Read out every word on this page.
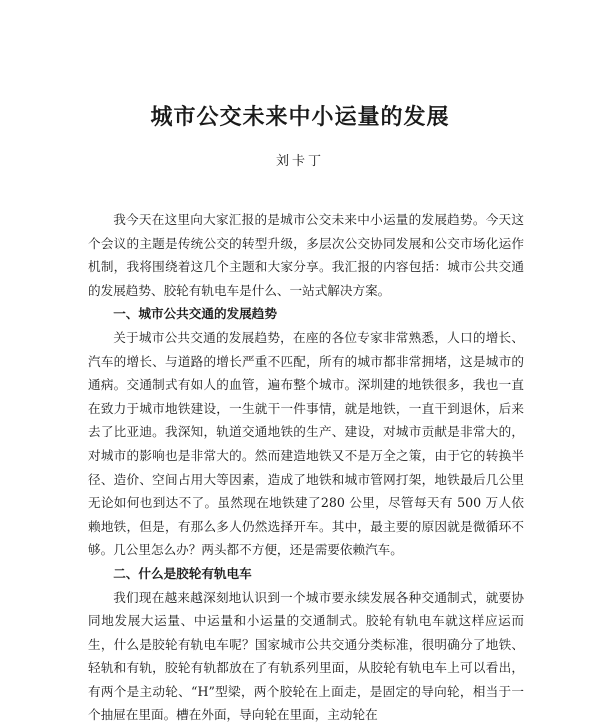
城市公交未来中小运量的发展
刘卡丁

我今天在这里向大家汇报的是城市公交未来中小运量的发展趋势。今天这个会议的主题是传统公交的转型升级，多层次公交协同发展和公交市场化运作机制，我将围绕着这几个主题和大家分享。我汇报的内容包括：城市公共交通的发展趋势、胶轮有轨电车是什么、一站式解决方案。

一、城市公共交通的发展趋势

关于城市公共交通的发展趋势，在座的各位专家非常熟悉，人口的增长、汽车的增长、与道路的增长严重不匹配，所有的城市都非常拥堵，这是城市的通病。交通制式有如人的血管，遍布整个城市。深圳建的地铁很多，我也一直在致力于城市地铁建设，一生就干一件事情，就是地铁，一直干到退休，后来去了比亚迪。我深知，轨道交通地铁的生产、建设，对城市贡献是非常大的，对城市的影响也是非常大的。然而建造地铁又不是万全之策，由于它的转换半径、造价、空间占用大等因素，造成了地铁和城市管网打架，地铁最后几公里无论如何也到达不了。虽然现在地铁建了280 公里，尽管每天有 500 万人依赖地铁，但是，有那么多人仍然选择开车。其中，最主要的原因就是微循环不够。几公里怎么办？两头都不方便，还是需要依赖汽车。

二、什么是胶轮有轨电车

我们现在越来越深刻地认识到一个城市要永续发展各种交通制式，就要协同地发展大运量、中运量和小运量的交通制式。胶轮有轨电车就这样应运而生，什么是胶轮有轨电车呢？国家城市公共交通分类标准，很明确分了地铁、轻轨和有轨，胶轮有轨都放在了有轨系列里面，从胶轮有轨电车上可以看出，有两个是主动轮、“H”型梁，两个胶轮在上面走，是固定的导向轮，相当于一个抽屉在里面。槽在外面，导向轮在里面，主动轮在
